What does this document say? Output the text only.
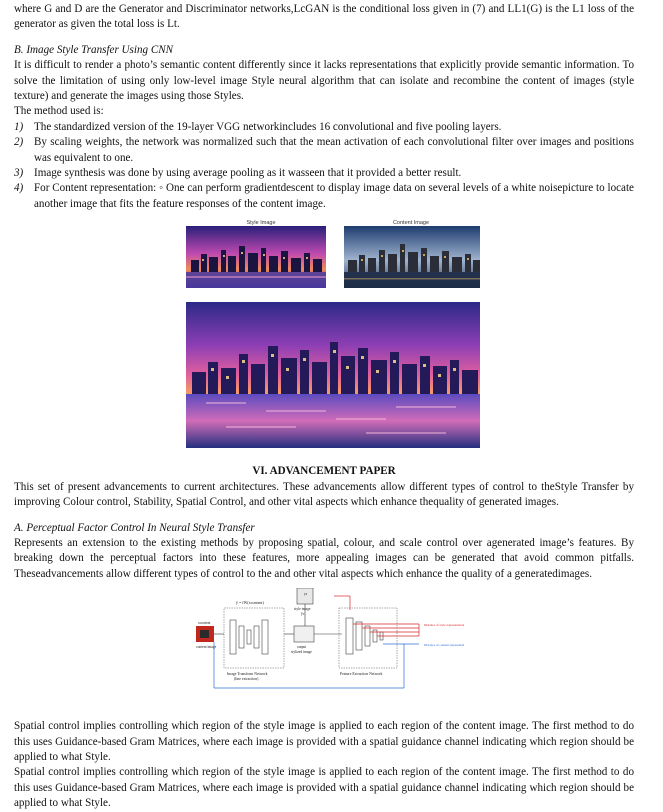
where G and D are the Generator and Discriminator networks,LcGAN is the conditional loss given in (7) and LL1(G) is the L1 loss of the generator as given the total loss is Lt.

B. Image Style Transfer Using CNN

It is difficult to render a photo’s semantic content differently since it lacks representations that explicitly provide semantic information. To solve the limitation of using only low-level image Style neural algorithm that can isolate and recombine the content of images (style texture) and generate the images using those Styles.

The method used is:

1) The standardized version of the 19-layer VGG networkincludes 16 convolutional and five pooling layers.
2) By scaling weights, the network was normalized such that the mean activation of each convolutional filter over images and positions was equivalent to one.
3) Image synthesis was done by using average pooling as it wasseen that it provided a better result.
4) For Content representation: ◦ One can perform gradientdescent to display image data on several levels of a white noisepicture to locate another image that fits the feature responses of the content image.
Style Image	Content Image

VI. ADVANCEMENT PAPER

This set of present advancements to current architectures. These advancements allow different types of control to theStyle Transfer by improving Colour control, Stability, Spatial Control, and other vital aspects which enhance thequality of generated images.

A. Perceptual Factor Control In Neural Style Transfer

Represents an extension to the existing methods by proposing spatial, colour, and scale control over agenerated image’s features. By breaking down the perceptual factors into these features, more appealing images can be generated that avoid common pitfalls. Theseadvancements allow different types of control to the and other vital aspects which enhance the quality of a generatedimages.

xcontent
content image
ŷ = fW(xcontent)
Image Transform Network
(line extraction)
ys
style image
ŷc
output
stylized image
Feature Extraction Network
Distance of style representation
Distance of content representation

Spatial control implies controlling which region of the style image is applied to each region of the content image. The first method to do this uses Guidance-based Gram Matrices, where each image is provided with a spatial guidance channel indicating which region should be applied to what Style.

Spatial control implies controlling which region of the style image is applied to each region of the content image. The first method to do this uses Guidance-based Gram Matrices, where each image is provided with a spatial guidance channel indicating which region should be applied to what Style.
